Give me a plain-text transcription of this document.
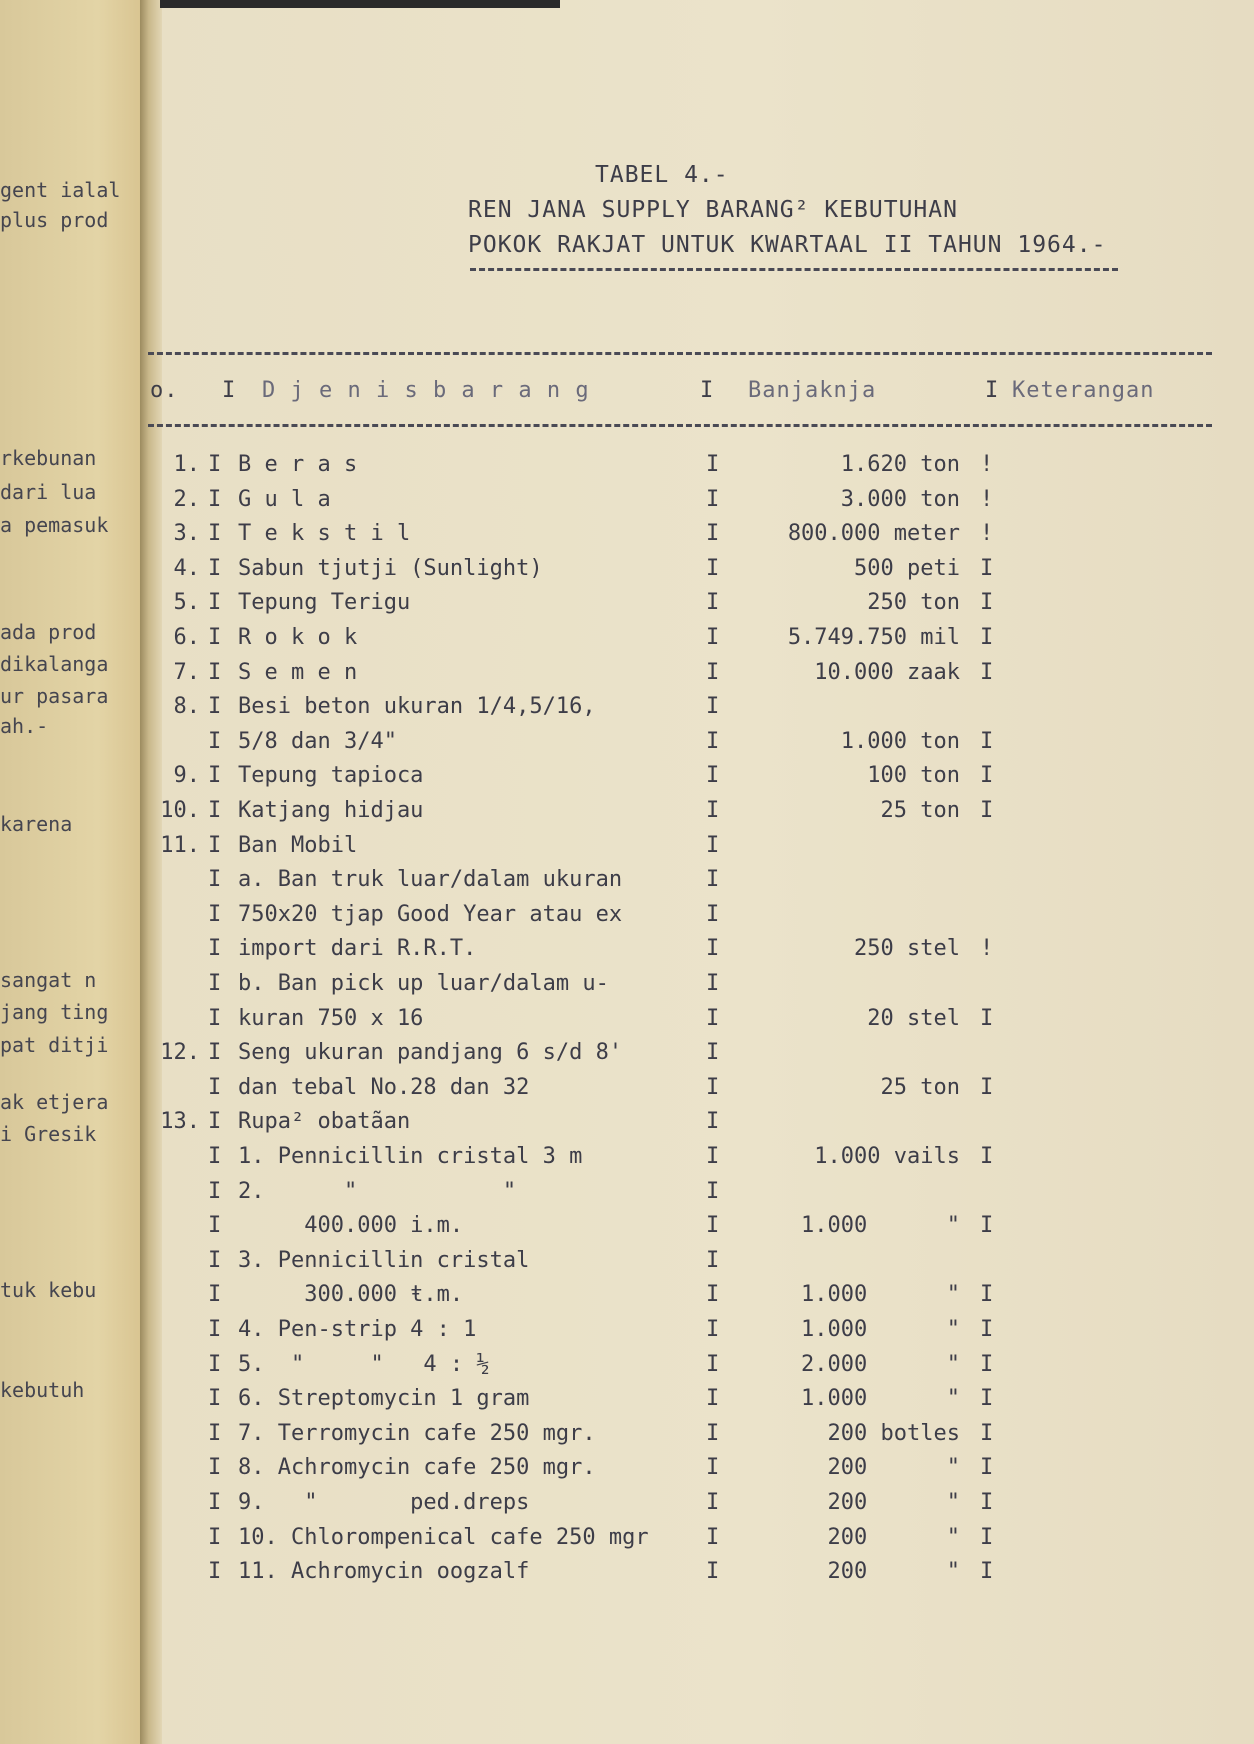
gent ialal
plus prod
rkebunan
dari lua
a pemasuk
ada prod
dikalanga
ur pasara
ah.-
karena
sangat n
jang ting
pat ditji
ak etjera
i Gresik
tuk kebu
kebutuh
TABEL 4.-
REN JANA SUPPLY BARANG² KEBUTUHAN
POKOK RAKJAT UNTUK KWARTAAL II TAHUN 1964.-
o. I D j e n i s b a r a n g	I Banjaknja	I Keterangan
1. I B e r a s	I	1.620 ton !
2. I G u l a	I	3.000 ton !
3. I T e k s t i l	I	800.000 meter !
4. I Sabun tjutji (Sunlight)	I	500 peti I
5. I Tepung Terigu	I	250 ton I
6. I R o k o k	I	5.749.750 mil I
7. I S e m e n	I	10.000 zaak I
8. I Besi beton ukuran 1/4,5/16,	I
I 5/8 dan 3/4"	I	1.000 ton I
9. I Tepung tapioca	I	100 ton I
10. I Katjang hidjau	I	25 ton I
11. I Ban Mobil	I
I a. Ban truk luar/dalam ukuran	I
I 750x20 tjap Good Year atau ex	I
I import dari R.R.T.	I	250 stel !
I b. Ban pick up luar/dalam u-	I
I kuran 750 x 16	I	20 stel I
12. I Seng ukuran pandjang 6 s/d 8'	I
I dan tebal No.28 dan 32	I	25 ton I
13. I Rupa² obatãan	I
I 1. Pennicillin cristal 3 m	I	1.000 vails I
I 2.      "           "	I
I 400.000 i.m.	I	1.000      " I
I 3. Pennicillin cristal	I
I 300.000 ŧ.m.	I	1.000      " I
I 4. Pen-strip 4 : 1	I	1.000      " I
I 5.  "     "   4 : ½	I	2.000      " I
I 6. Streptomycin 1 gram	I	1.000      " I
I 7. Terromycin cafe 250 mgr.	I	200 botles I
I 8. Achromycin cafe 250 mgr.	I	200      " I
I 9.   "       ped.dreps	I	200      " I
I 10. Chlorompenical cafe 250 mgr	I	200      " I
I 11. Achromycin oogzalf	I	200      " I
